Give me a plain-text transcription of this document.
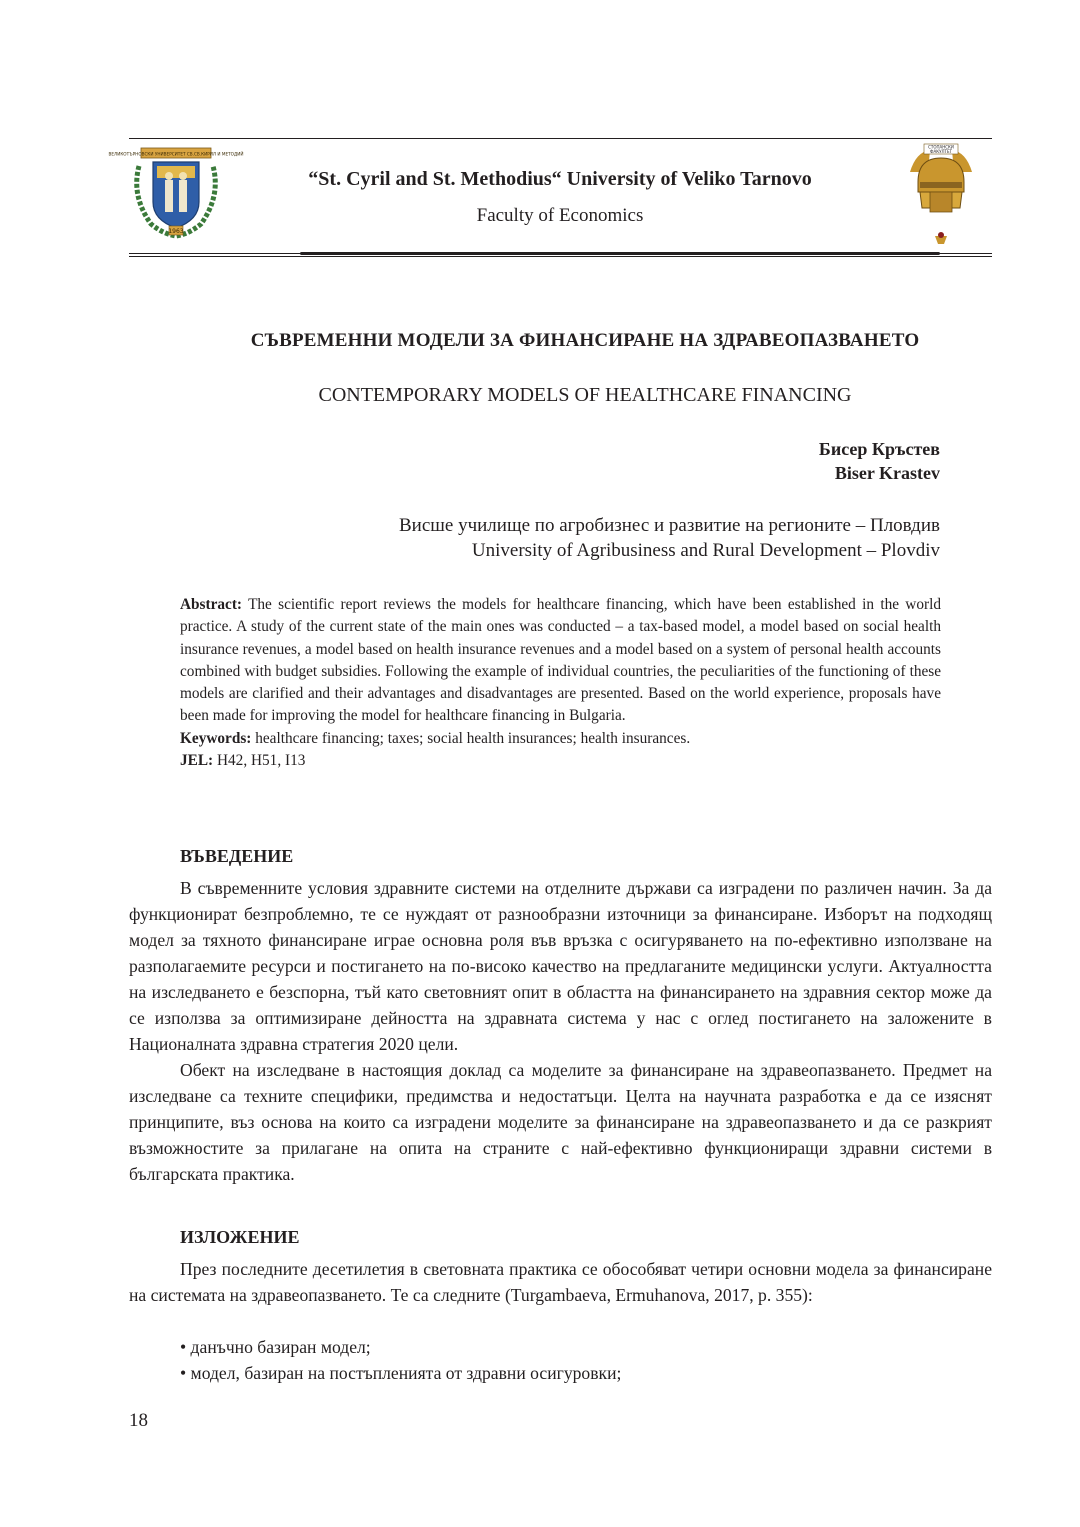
ВЕЛИКОТЪРНОВСКИ УНИВЕРСИТЕТ СВ.СВ.КИРИЛ И МЕТОДИЙ
1963
“St. Cyril and St. Methodius“ University of Veliko Tarnovo
Faculty of Economics
СТОПАНСКИ
ФАКУЛТЕТ
СЪВРЕМЕННИ МОДЕЛИ ЗА ФИНАНСИРАНЕ НА ЗДРАВЕОПАЗВАНЕТО
CONTEMPORARY MODELS OF HEALTHCARE FINANCING
Бисер Кръстев
Biser Krastev
Висше училище по агробизнес и развитие на регионите – Пловдив
University of Agribusiness and Rural Development – Plovdiv

Abstract: The scientific report reviews the models for healthcare financing, which have been established in the world practice. A study of the current state of the main ones was conducted – a tax-based model, a model based on social health insurance revenues, a model based on health insurance revenues and a model based on a system of personal health accounts combined with budget subsidies. Following the example of individual countries, the peculiarities of the functioning of these models are clarified and their advantages and disadvantages are presented. Based on the world experience, proposals have been made for improving the model for healthcare financing in Bulgaria.

Keywords: healthcare financing; taxes; social health insurances; health insurances.

JEL: H42, H51, I13

ВЪВЕДЕНИЕ

В съвременните условия здравните системи на отделните държави са изградени по различен начин. За да функционират безпроблемно, те се нуждаят от разнообразни източници за финансиране. Изборът на подходящ модел за тяхното финансиране играе основна роля във връзка с осигуряването на по-ефективно използване на разполагаемите ресурси и постигането на по-високо качество на предлаганите медицински услуги. Актуалността на изследването е безспорна, тъй като световният опит в областта на финансирането на здравния сектор може да се използва за оптимизиране дейността на здравната система у нас с оглед постигането на заложените в Националната здравна стратегия 2020 цели.

Обект на изследване в настоящия доклад са моделите за финансиране на здравеопазването. Предмет на изследване са техните специфики, предимства и недостатъци. Целта на научната разработка е да се изяснят принципите, въз основа на които са изградени моделите за финансиране на здравеопазването и да се разкрият възможностите за прилагане на опита на страните с най-ефективно функциониращи здравни системи в българската практика.

ИЗЛОЖЕНИЕ

През последните десетилетия в световната практика се обособяват четири основни модела за финансиране на системата на здравеопазването. Те са следните (Turgambaeva, Ermuhanova, 2017, p. 355):

• данъчно базиран модел;
• модел, базиран на постъпленията от здравни осигуровки;
18
